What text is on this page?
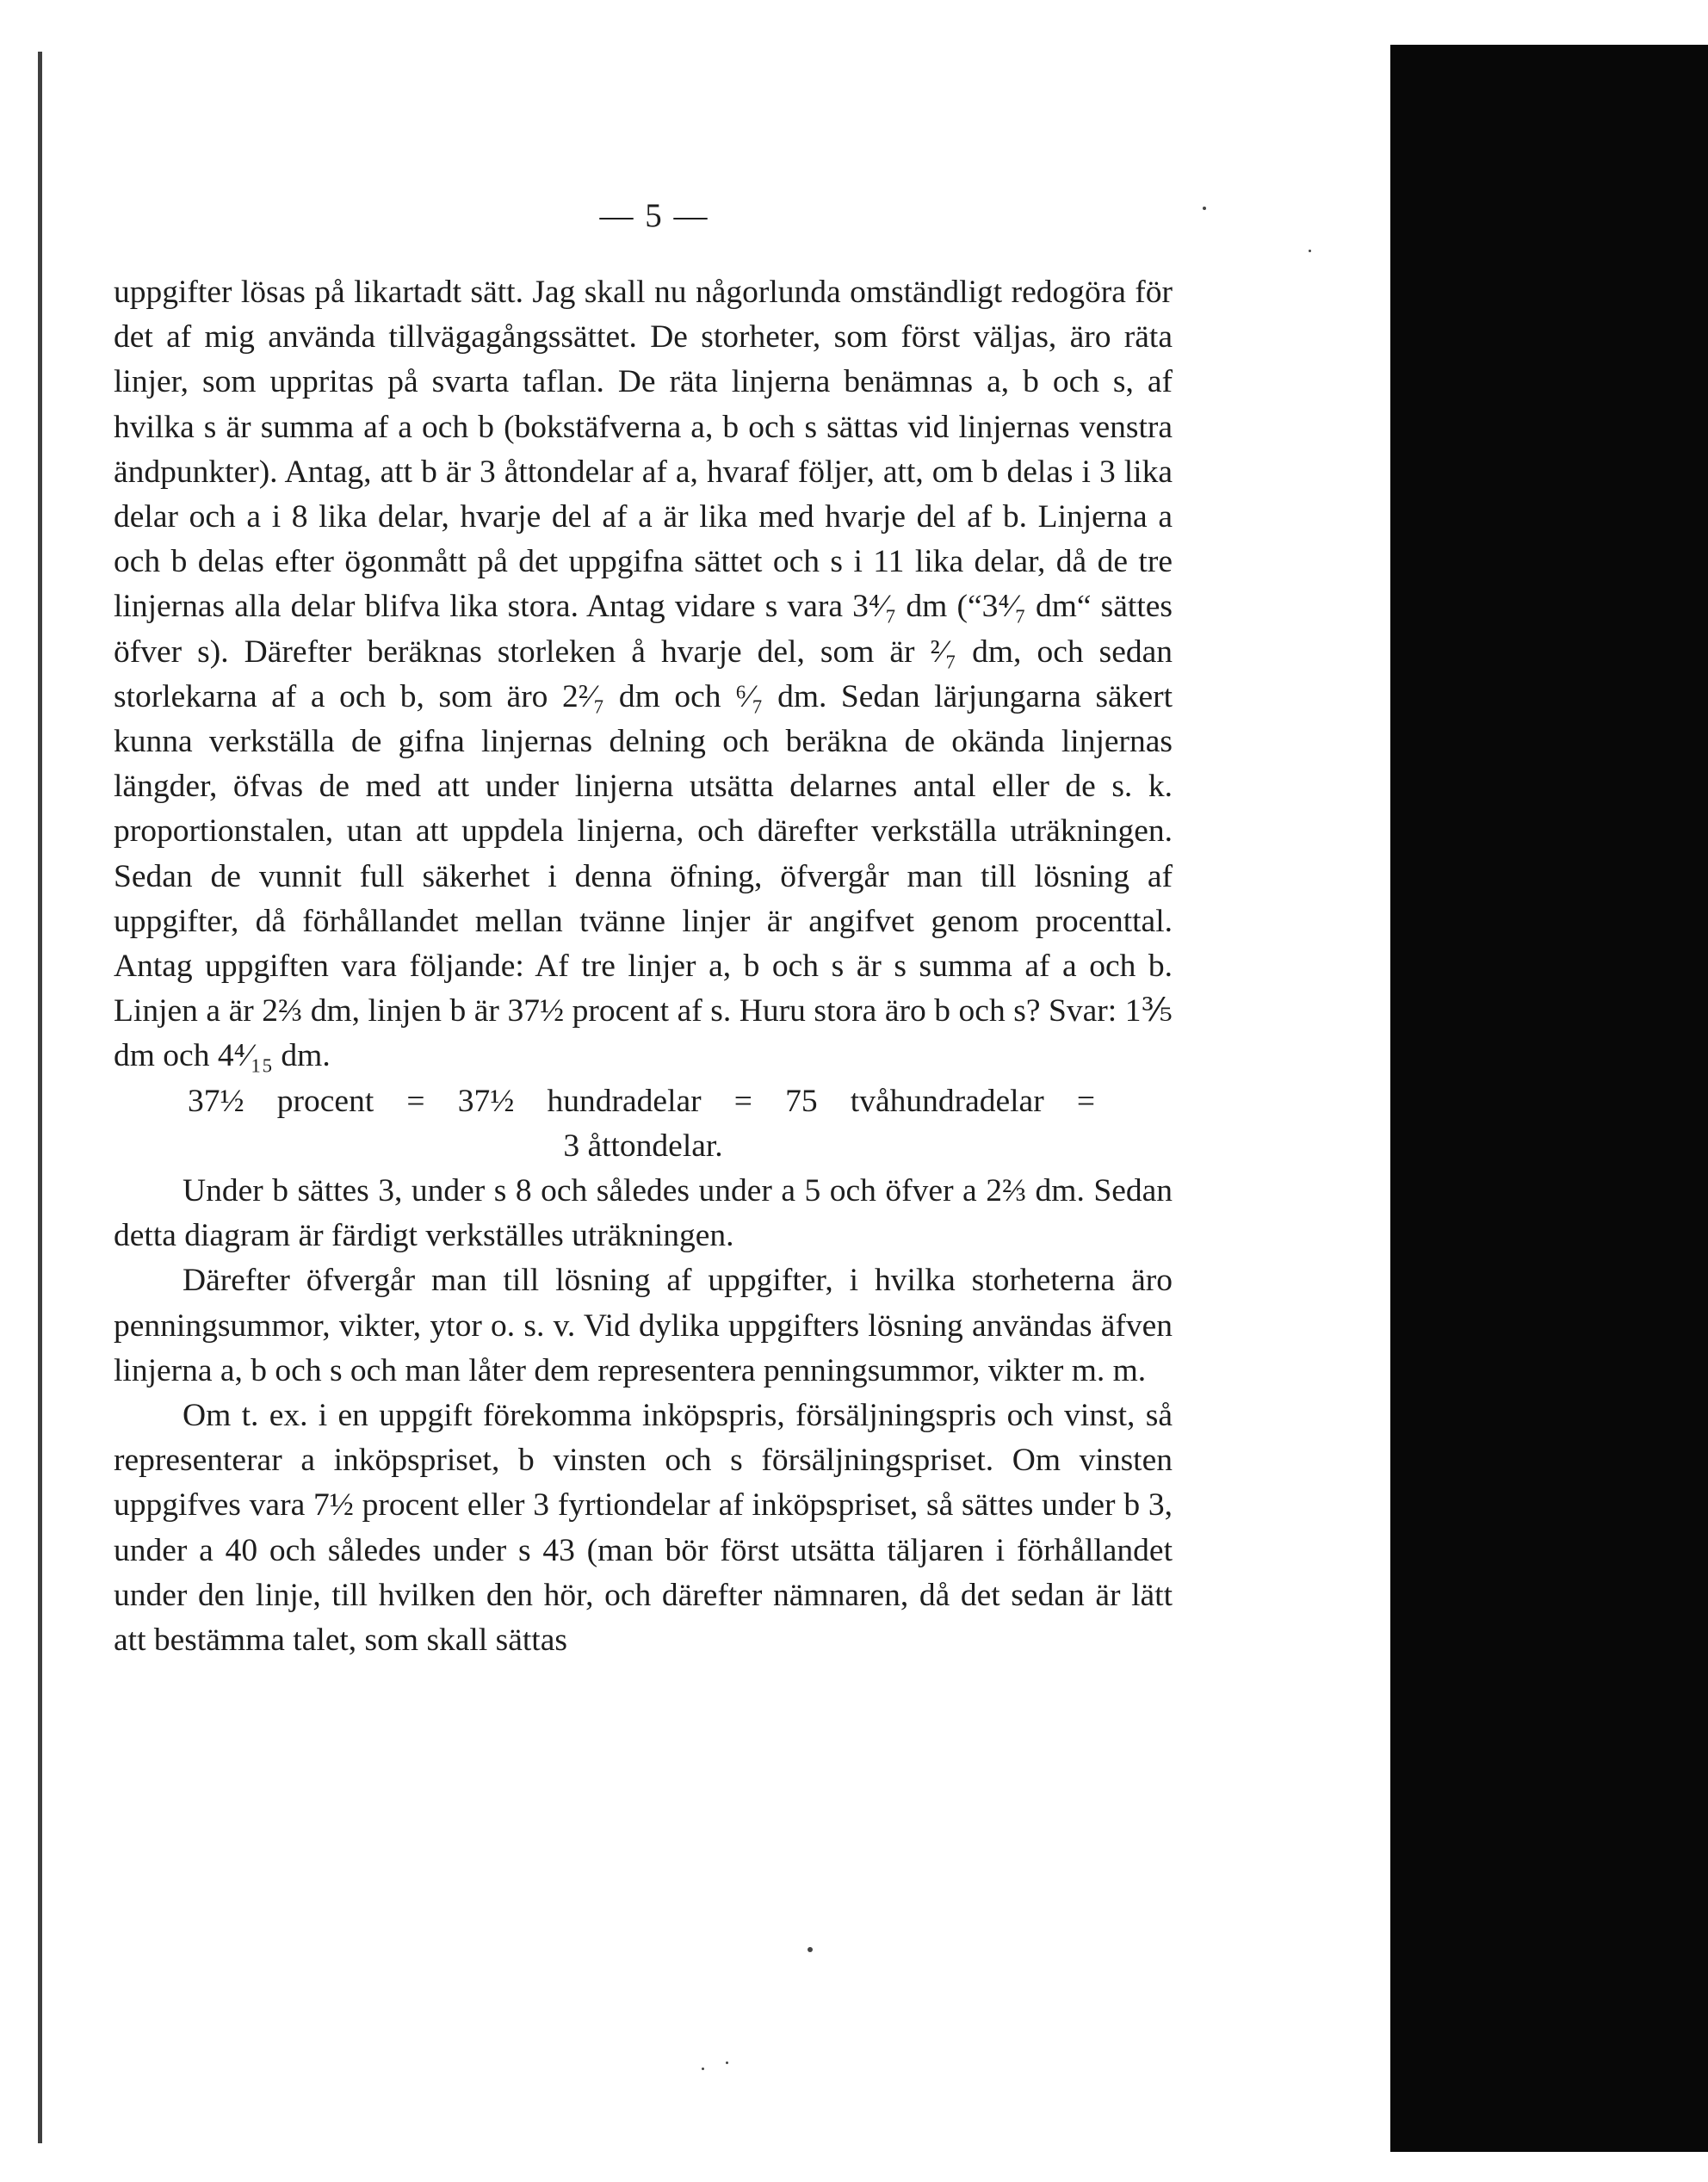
— 5 —

uppgifter lösas på likartadt sätt. Jag skall nu någorlunda omständligt redogöra för det af mig använda tillvägagångssättet. De storheter, som först väljas, äro räta linjer, som uppritas på svarta taflan. De räta linjerna benämnas a, b och s, af hvilka s är summa af a och b (bokstäfverna a, b och s sättas vid linjernas venstra ändpunkter). Antag, att b är 3 åttondelar af a, hvaraf följer, att, om b delas i 3 lika delar och a i 8 lika delar, hvarje del af a är lika med hvarje del af b. Linjerna a och b delas efter ögonmått på det uppgifna sättet och s i 11 lika delar, då de tre linjernas alla delar blifva lika stora. Antag vidare s vara 3⁴⁄₇ dm (“3⁴⁄₇ dm“ sättes öfver s). Därefter beräknas storleken å hvarje del, som är ²⁄₇ dm, och sedan storlekarna af a och b, som äro 2²⁄₇ dm och ⁶⁄₇ dm. Sedan lärjungarna säkert kunna verkställa de gifna linjernas delning och beräkna de okända linjernas längder, öfvas de med att under linjerna utsätta delarnes antal eller de s. k. proportionstalen, utan att uppdela linjerna, och därefter verkställa uträkningen. Sedan de vunnit full säkerhet i denna öfning, öfvergår man till lösning af uppgifter, då förhållandet mellan tvänne linjer är angifvet genom procenttal. Antag uppgiften vara följande: Af tre linjer a, b och s är s summa af a och b. Linjen a är 2⅔ dm, linjen b är 37½ procent af s. Huru stora äro b och s? Svar: 1⅗ dm och 4⁴⁄₁₅ dm.

37½ procent = 37½ hundradelar = 75 tvåhundradelar =

3 åttondelar.

Under b sättes 3, under s 8 och således under a 5 och öfver a 2⅔ dm. Sedan detta diagram är färdigt verkställes uträkningen.

Därefter öfvergår man till lösning af uppgifter, i hvilka storheterna äro penningsummor, vikter, ytor o. s. v. Vid dylika uppgifters lösning användas äfven linjerna a, b och s och man låter dem representera penningsummor, vikter m. m.

Om t. ex. i en uppgift förekomma inköpspris, försäljningspris och vinst, så representerar a inköpspriset, b vinsten och s försäljningspriset. Om vinsten uppgifves vara 7½ procent eller 3 fyrtiondelar af inköpspriset, så sättes under b 3, under a 40 och således under s 43 (man bör först utsätta täljaren i förhållandet under den linje, till hvilken den hör, och därefter nämnaren, då det sedan är lätt att bestämma talet, som skall sättas
